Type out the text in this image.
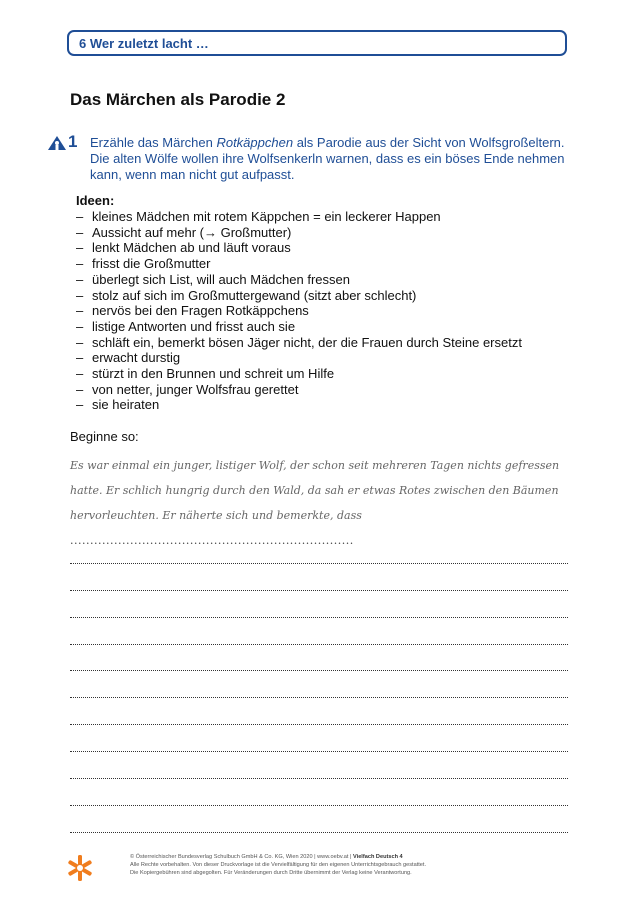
6 Wer zuletzt lacht …
Das Märchen als Parodie 2
1 Erzähle das Märchen Rotkäppchen als Parodie aus der Sicht von Wolfsgroßeltern. Die alten Wölfe wollen ihre Wolfsenkerln warnen, dass es ein böses Ende nehmen kann, wenn man nicht gut aufpasst.
Ideen:
– kleines Mädchen mit rotem Käppchen = ein leckerer Happen
– Aussicht auf mehr (→ Großmutter)
– lenkt Mädchen ab und läuft voraus
– frisst die Großmutter
– überlegt sich List, will auch Mädchen fressen
– stolz auf sich im Großmuttergewand (sitzt aber schlecht)
– nervös bei den Fragen Rotkäppchens
– listige Antworten und frisst auch sie
– schläft ein, bemerkt bösen Jäger nicht, der die Frauen durch Steine ersetzt
– erwacht durstig
– stürzt in den Brunnen und schreit um Hilfe
– von netter, junger Wolfsfrau gerettet
– sie heiraten
Beginne so:
Es war einmal ein junger, listiger Wolf, der schon seit mehreren Tagen nichts gefressen hatte. Er schlich hungrig durch den Wald, da sah er etwas Rotes zwischen den Bäumen hervorleuchten. Er näherte sich und bemerkte, dass .......................................................................
© Österreichischer Bundesverlag Schulbuch GmbH & Co. KG, Wien 2020 | www.oebv.at | Vielfach Deutsch 4
Alle Rechte vorbehalten. Von dieser Druckvorlage ist die Vervielfältigung für den eigenen Unterrichtsgebrauch gestattet.
Die Kopiergebühren sind abgegolten. Für Veränderungen durch Dritte übernimmt der Verlag keine Verantwortung.
